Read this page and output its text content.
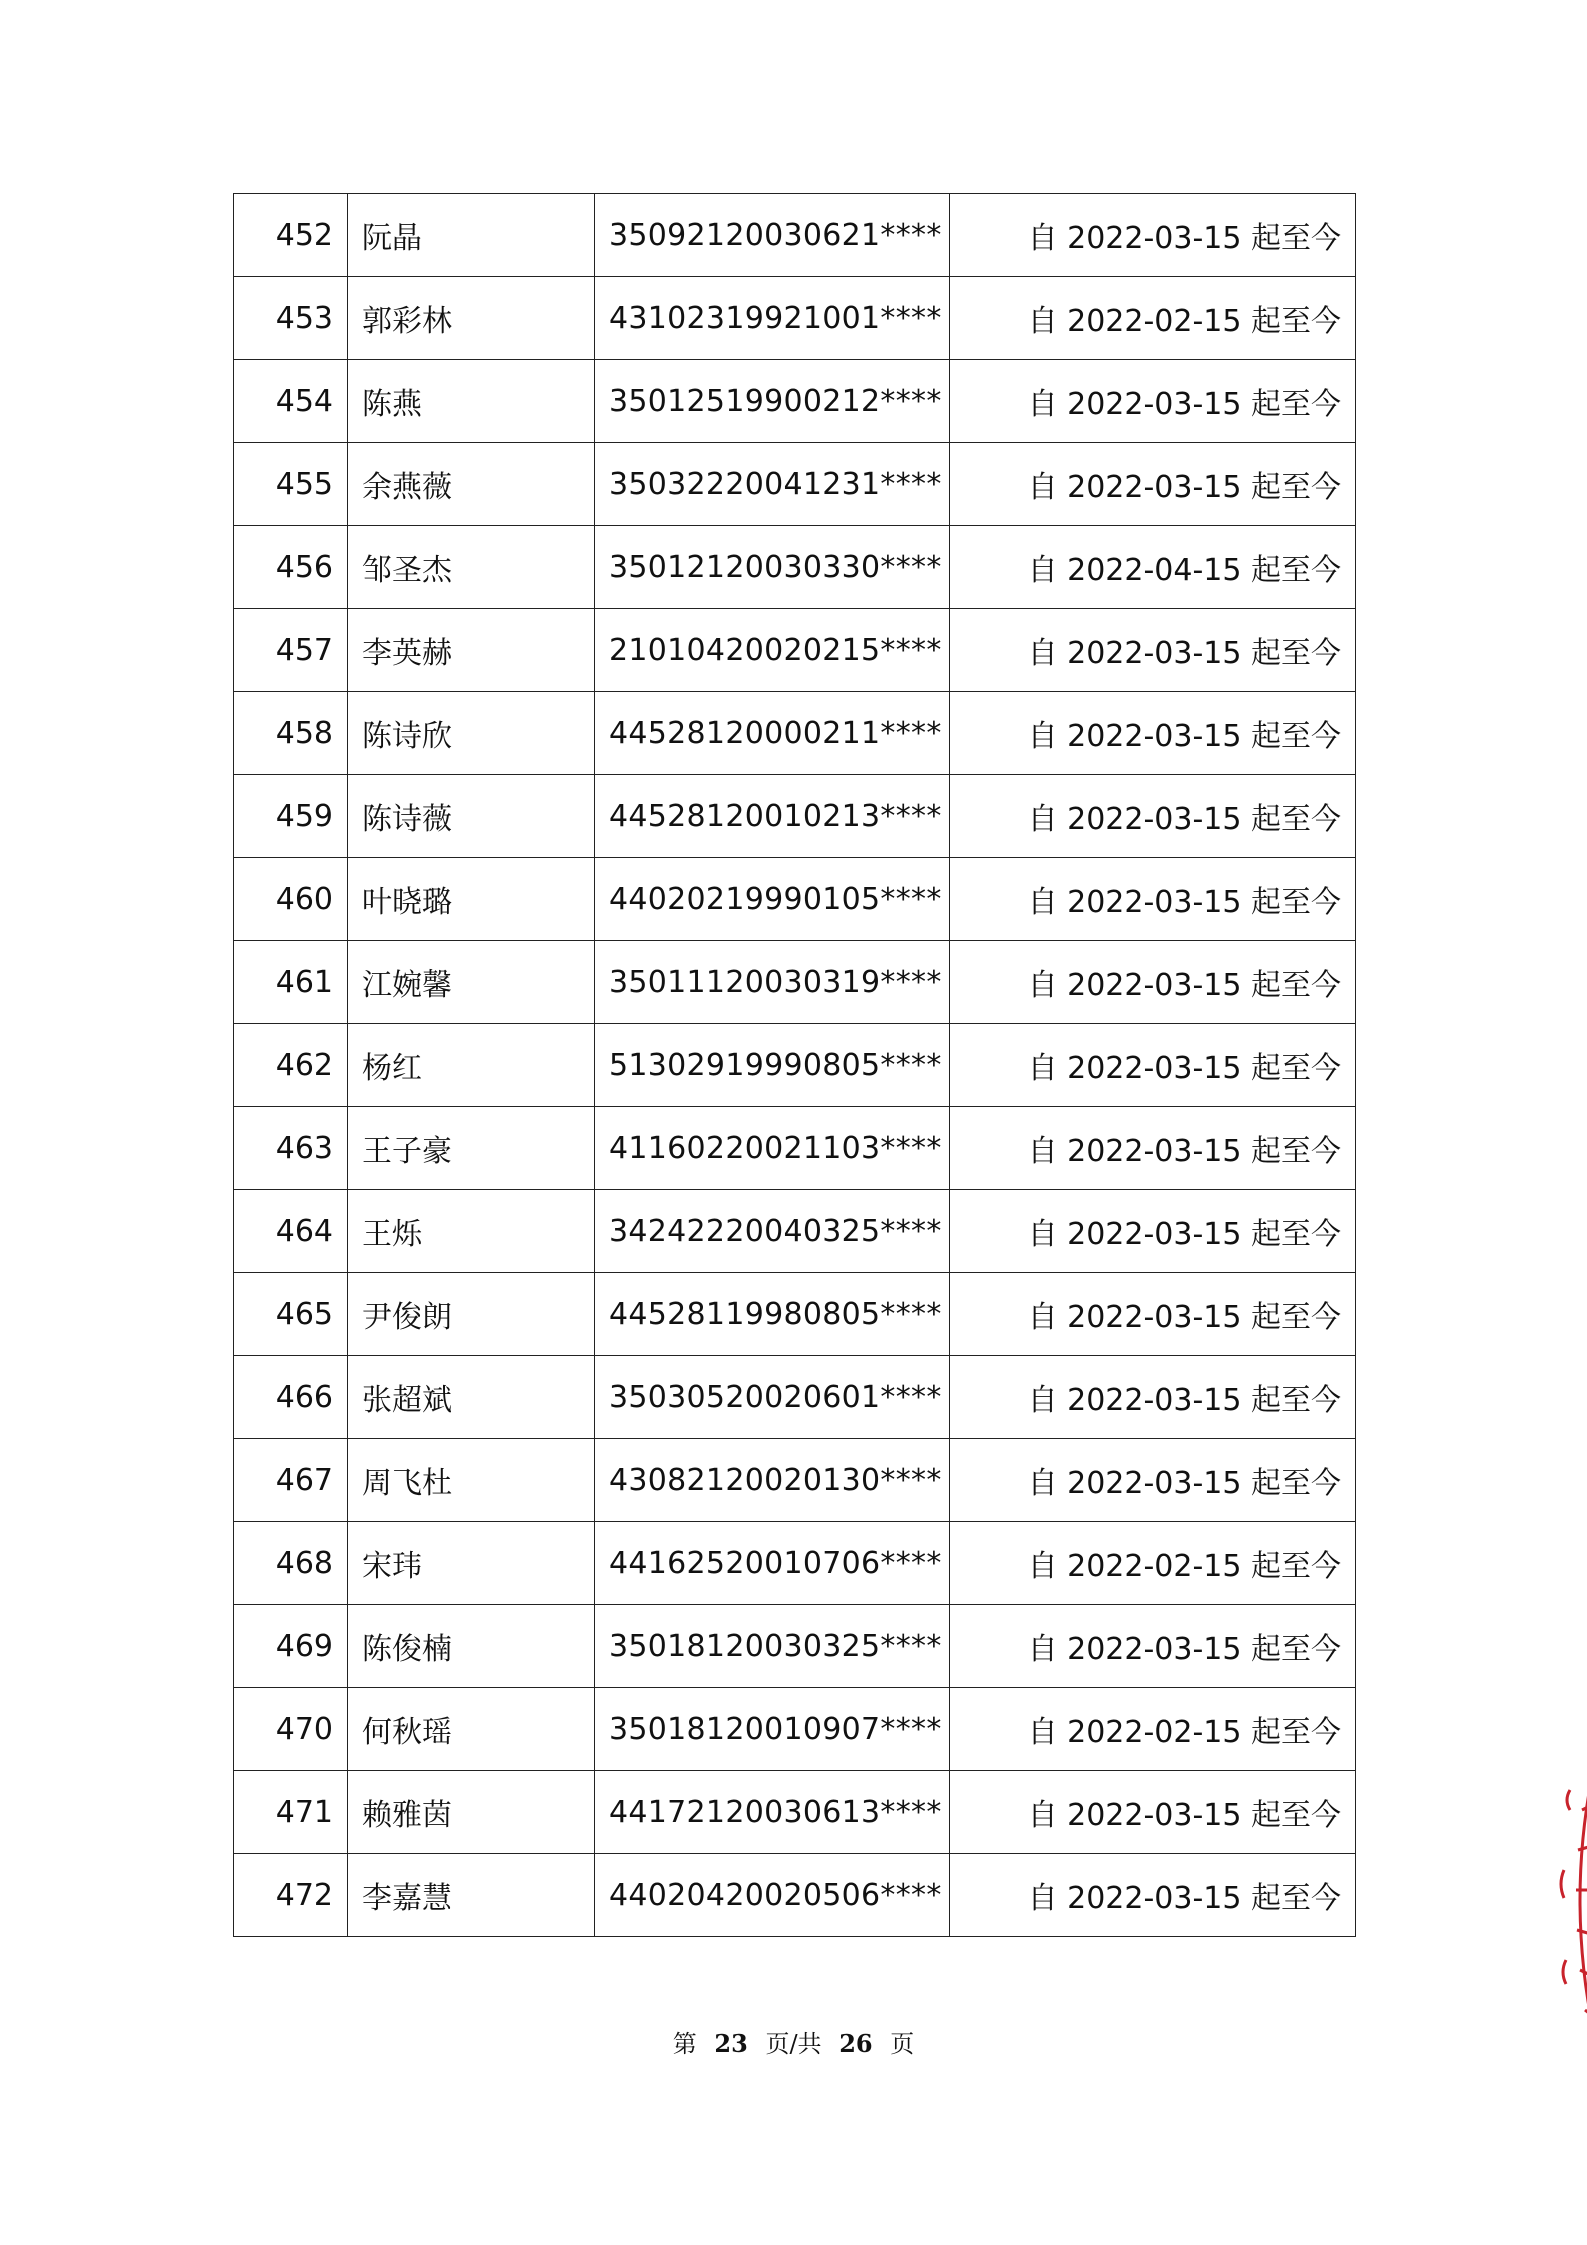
452	阮晶	35092120030621****	自 2022-03-15 起至今
453	郭彩林	43102319921001****	自 2022-02-15 起至今
454	陈燕	35012519900212****	自 2022-03-15 起至今
455	余燕薇	35032220041231****	自 2022-03-15 起至今
456	邹圣杰	35012120030330****	自 2022-04-15 起至今
457	李英赫	21010420020215****	自 2022-03-15 起至今
458	陈诗欣	44528120000211****	自 2022-03-15 起至今
459	陈诗薇	44528120010213****	自 2022-03-15 起至今
460	叶晓璐	44020219990105****	自 2022-03-15 起至今
461	江婉馨	35011120030319****	自 2022-03-15 起至今
462	杨红	51302919990805****	自 2022-03-15 起至今
463	王子豪	41160220021103****	自 2022-03-15 起至今
464	王烁	34242220040325****	自 2022-03-15 起至今
465	尹俊朗	44528119980805****	自 2022-03-15 起至今
466	张超斌	35030520020601****	自 2022-03-15 起至今
467	周飞杜	43082120020130****	自 2022-03-15 起至今
468	宋玮	44162520010706****	自 2022-02-15 起至今
469	陈俊楠	35018120030325****	自 2022-03-15 起至今
470	何秋瑶	35018120010907****	自 2022-02-15 起至今
471	赖雅茵	44172120030613****	自 2022-03-15 起至今
472	李嘉慧	44020420020506****	自 2022-03-15 起至今
第 23 页/共 26 页
